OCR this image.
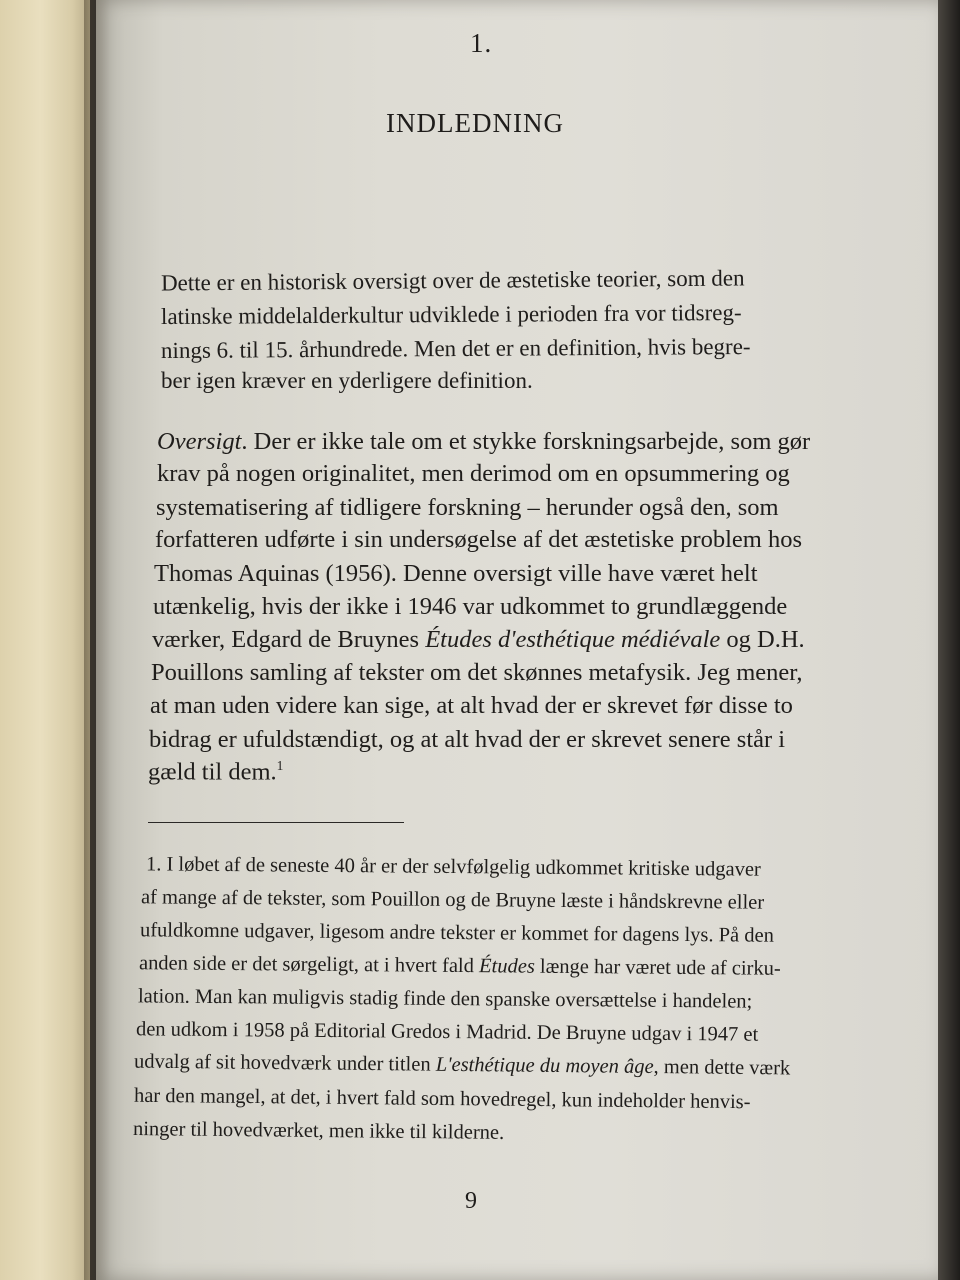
1.
INDLEDNING
Dette er en historisk oversigt over de æstetiske teorier, som den
latinske middelalderkultur udviklede i perioden fra vor tidsreg-
nings 6. til 15. århundrede. Men det er en definition, hvis begre-
ber igen kræver en yderligere definition.
Oversigt. Der er ikke tale om et stykke forskningsarbejde, som gør
krav på nogen originalitet, men derimod om en opsummering og
systematisering af tidligere forskning – herunder også den, som
forfatteren udførte i sin undersøgelse af det æstetiske problem hos
Thomas Aquinas (1956). Denne oversigt ville have været helt
utænkelig, hvis der ikke i 1946 var udkommet to grundlæggende
værker, Edgard de Bruynes Études d'esthétique médiévale og D.H.
Pouillons samling af tekster om det skønnes metafysik. Jeg mener,
at man uden videre kan sige, at alt hvad der er skrevet før disse to
bidrag er ufuldstændigt, og at alt hvad der er skrevet senere står i
gæld til dem.$^1$
1. I løbet af de seneste 40 år er der selvfølgelig udkommet kritiske udgaver
af mange af de tekster, som Pouillon og de Bruyne læste i håndskrevne eller
ufuldkomne udgaver, ligesom andre tekster er kommet for dagens lys. På den
anden side er det sørgeligt, at i hvert fald Études længe har været ude af cirku-
lation. Man kan muligvis stadig finde den spanske oversættelse i handelen;
den udkom i 1958 på Editorial Gredos i Madrid. De Bruyne udgav i 1947 et
udvalg af sit hovedværk under titlen L'esthétique du moyen âge, men dette værk
har den mangel, at det, i hvert fald som hovedregel, kun indeholder henvis-
ninger til hovedværket, men ikke til kilderne.
9
